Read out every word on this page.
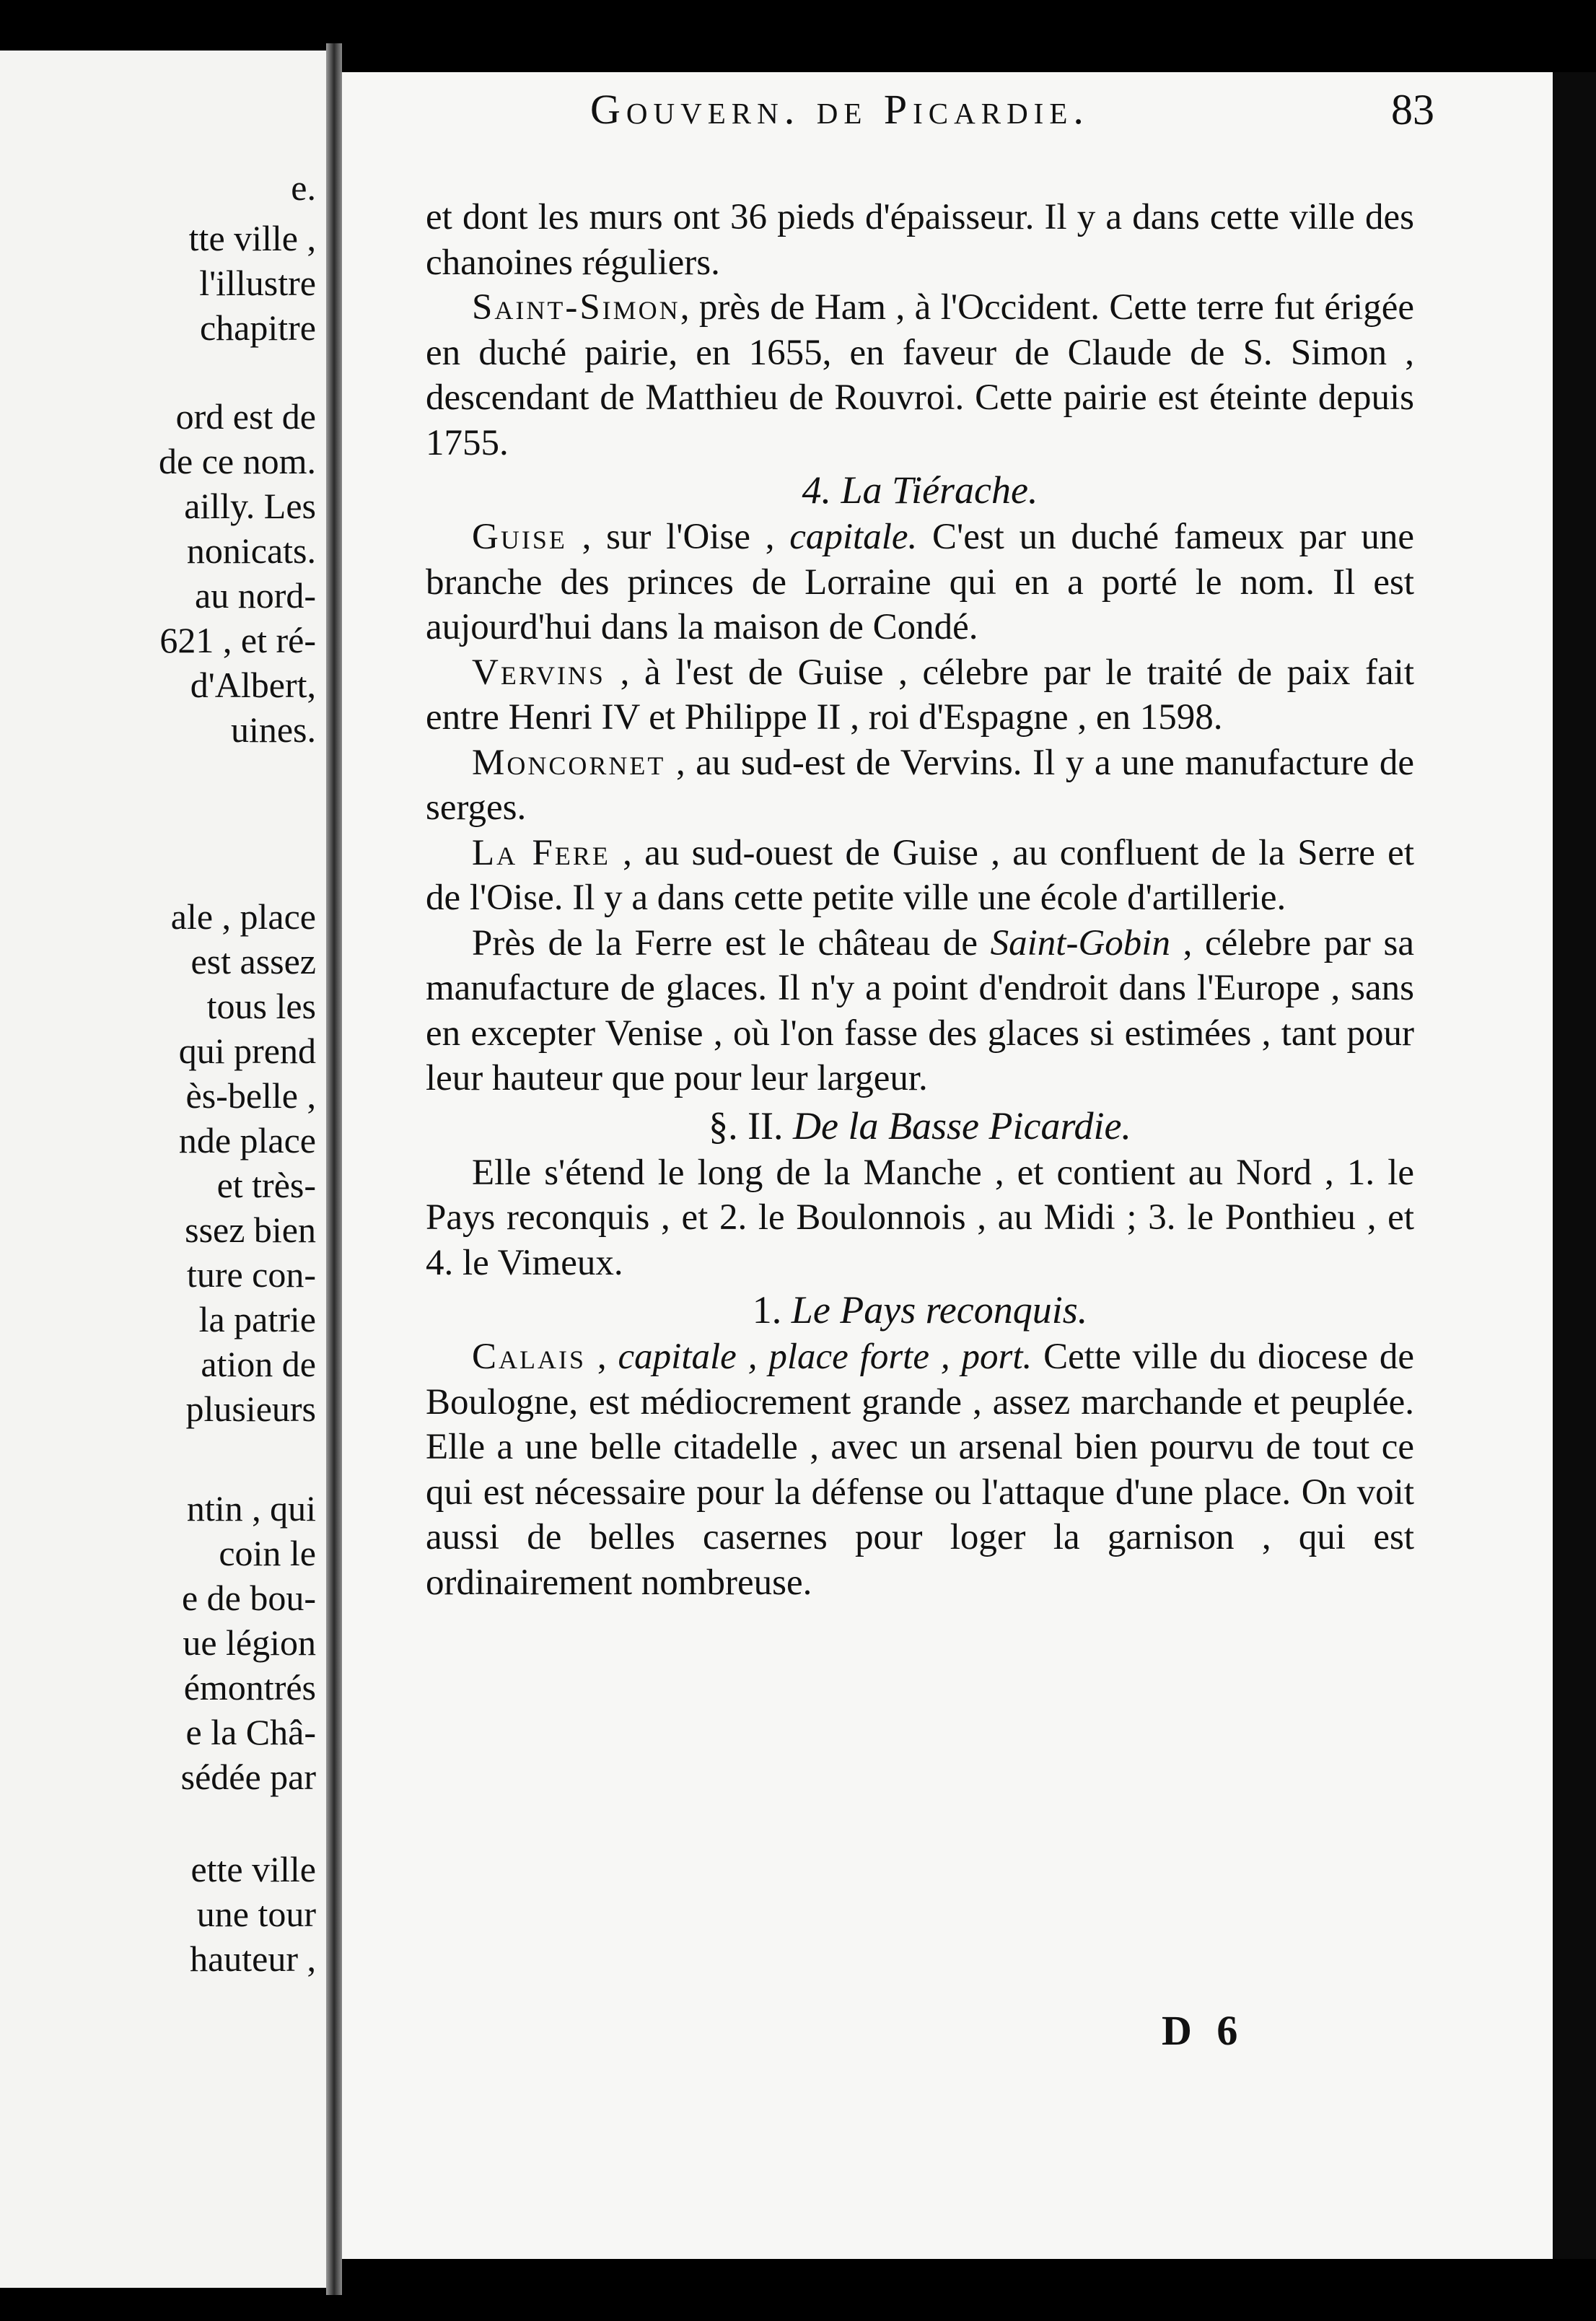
e.
tte ville ,
l'illustre
chapitre
ord est de
de ce nom.
ailly. Les
nonicats.
au nord-
621 , et ré-
d'Albert,
uines.
ale , place
est assez
tous les
qui prend
ès-belle ,
nde place
et très-
ssez bien
ture con-
la patrie
ation de
plusieurs
ntin , qui
coin le
e de bou-
ue légion
émontrés
e la Châ-
sédée par
ette ville
une tour
hauteur ,
Gouvern. de Picardie.	83

et dont les murs ont 36 pieds d'épaisseur. Il y a dans cette ville des chanoines réguliers.

Saint-Simon, près de Ham , à l'Occident. Cette terre fut érigée en duché pairie, en 1655, en faveur de Claude de S. Simon , descendant de Matthieu de Rouvroi. Cette pairie est éteinte depuis 1755.

4. La Tiérache.

Guise , sur l'Oise , capitale. C'est un duché fameux par une branche des princes de Lorraine qui en a porté le nom. Il est aujourd'hui dans la maison de Condé.

Vervins , à l'est de Guise , célebre par le traité de paix fait entre Henri IV et Philippe II , roi d'Espagne , en 1598.

Moncornet , au sud-est de Vervins. Il y a une manufacture de serges.

La Fere , au sud-ouest de Guise , au confluent de la Serre et de l'Oise. Il y a dans cette petite ville une école d'artillerie.

Près de la Ferre est le château de Saint-Gobin , célebre par sa manufacture de glaces. Il n'y a point d'endroit dans l'Europe , sans en excepter Venise , où l'on fasse des glaces si estimées , tant pour leur hauteur que pour leur largeur.

§. II. De la Basse Picardie.

Elle s'étend le long de la Manche , et contient au Nord , 1. le Pays reconquis , et 2. le Boulonnois , au Midi ; 3. le Ponthieu , et 4. le Vimeux.

1. Le Pays reconquis.

Calais , capitale , place forte , port. Cette ville du diocese de Boulogne, est médiocrement grande , assez marchande et peuplée. Elle a une belle citadelle , avec un arsenal bien pourvu de tout ce qui est nécessaire pour la défense ou l'attaque d'une place. On voit aussi de belles casernes pour loger la garnison , qui est ordinairement nombreuse.

D 6
